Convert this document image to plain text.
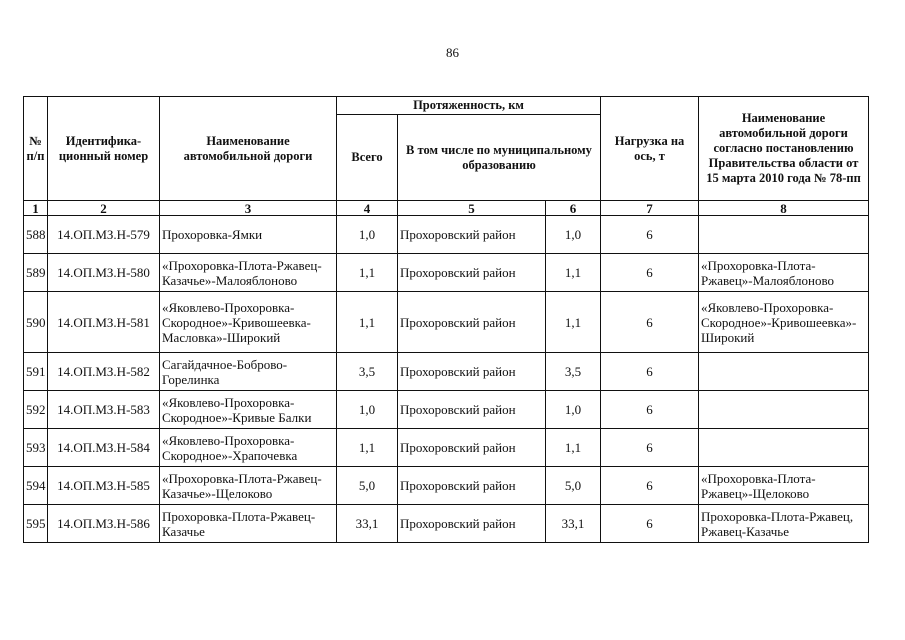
86
№ п/п	Идентифика-ционный номер	Наименование автомобильной дороги	Протяженность, км			Нагрузка на ось, т	Наименование автомобильной дороги согласно постановлению Правительства области от 15 марта 2010 года № 78-пп
			Всего	В том числе по муниципальному образованию			
1	2	3	4	5	6	7	8
588	14.ОП.МЗ.Н-579	Прохоровка-Ямки	1,0	Прохоровский район	1,0	6	
589	14.ОП.МЗ.Н-580	«Прохоровка-Плота-Ржавец-Казачье»-Малояблоново	1,1	Прохоровский район	1,1	6	«Прохоровка-Плота-Ржавец»-Малояблоново
590	14.ОП.МЗ.Н-581	«Яковлево-Прохоровка-Скородное»-Кривошеевка-Масловка»-Широкий	1,1	Прохоровский район	1,1	6	«Яковлево-Прохоровка-Скородное»-Кривошеевка»-Широкий
591	14.ОП.МЗ.Н-582	Сагайдачное-Боброво-Горелинка	3,5	Прохоровский район	3,5	6	
592	14.ОП.МЗ.Н-583	«Яковлево-Прохоровка-Скородное»-Кривые Балки	1,0	Прохоровский район	1,0	6	
593	14.ОП.МЗ.Н-584	«Яковлево-Прохоровка-Скородное»-Храпочевка	1,1	Прохоровский район	1,1	6	
594	14.ОП.МЗ.Н-585	«Прохоровка-Плота-Ржавец-Казачье»-Щелоково	5,0	Прохоровский район	5,0	6	«Прохоровка-Плота-Ржавец»-Щелоково
595	14.ОП.МЗ.Н-586	Прохоровка-Плота-Ржавец-Казачье	33,1	Прохоровский район	33,1	6	Прохоровка-Плота-Ржавец, Ржавец-Казачье
